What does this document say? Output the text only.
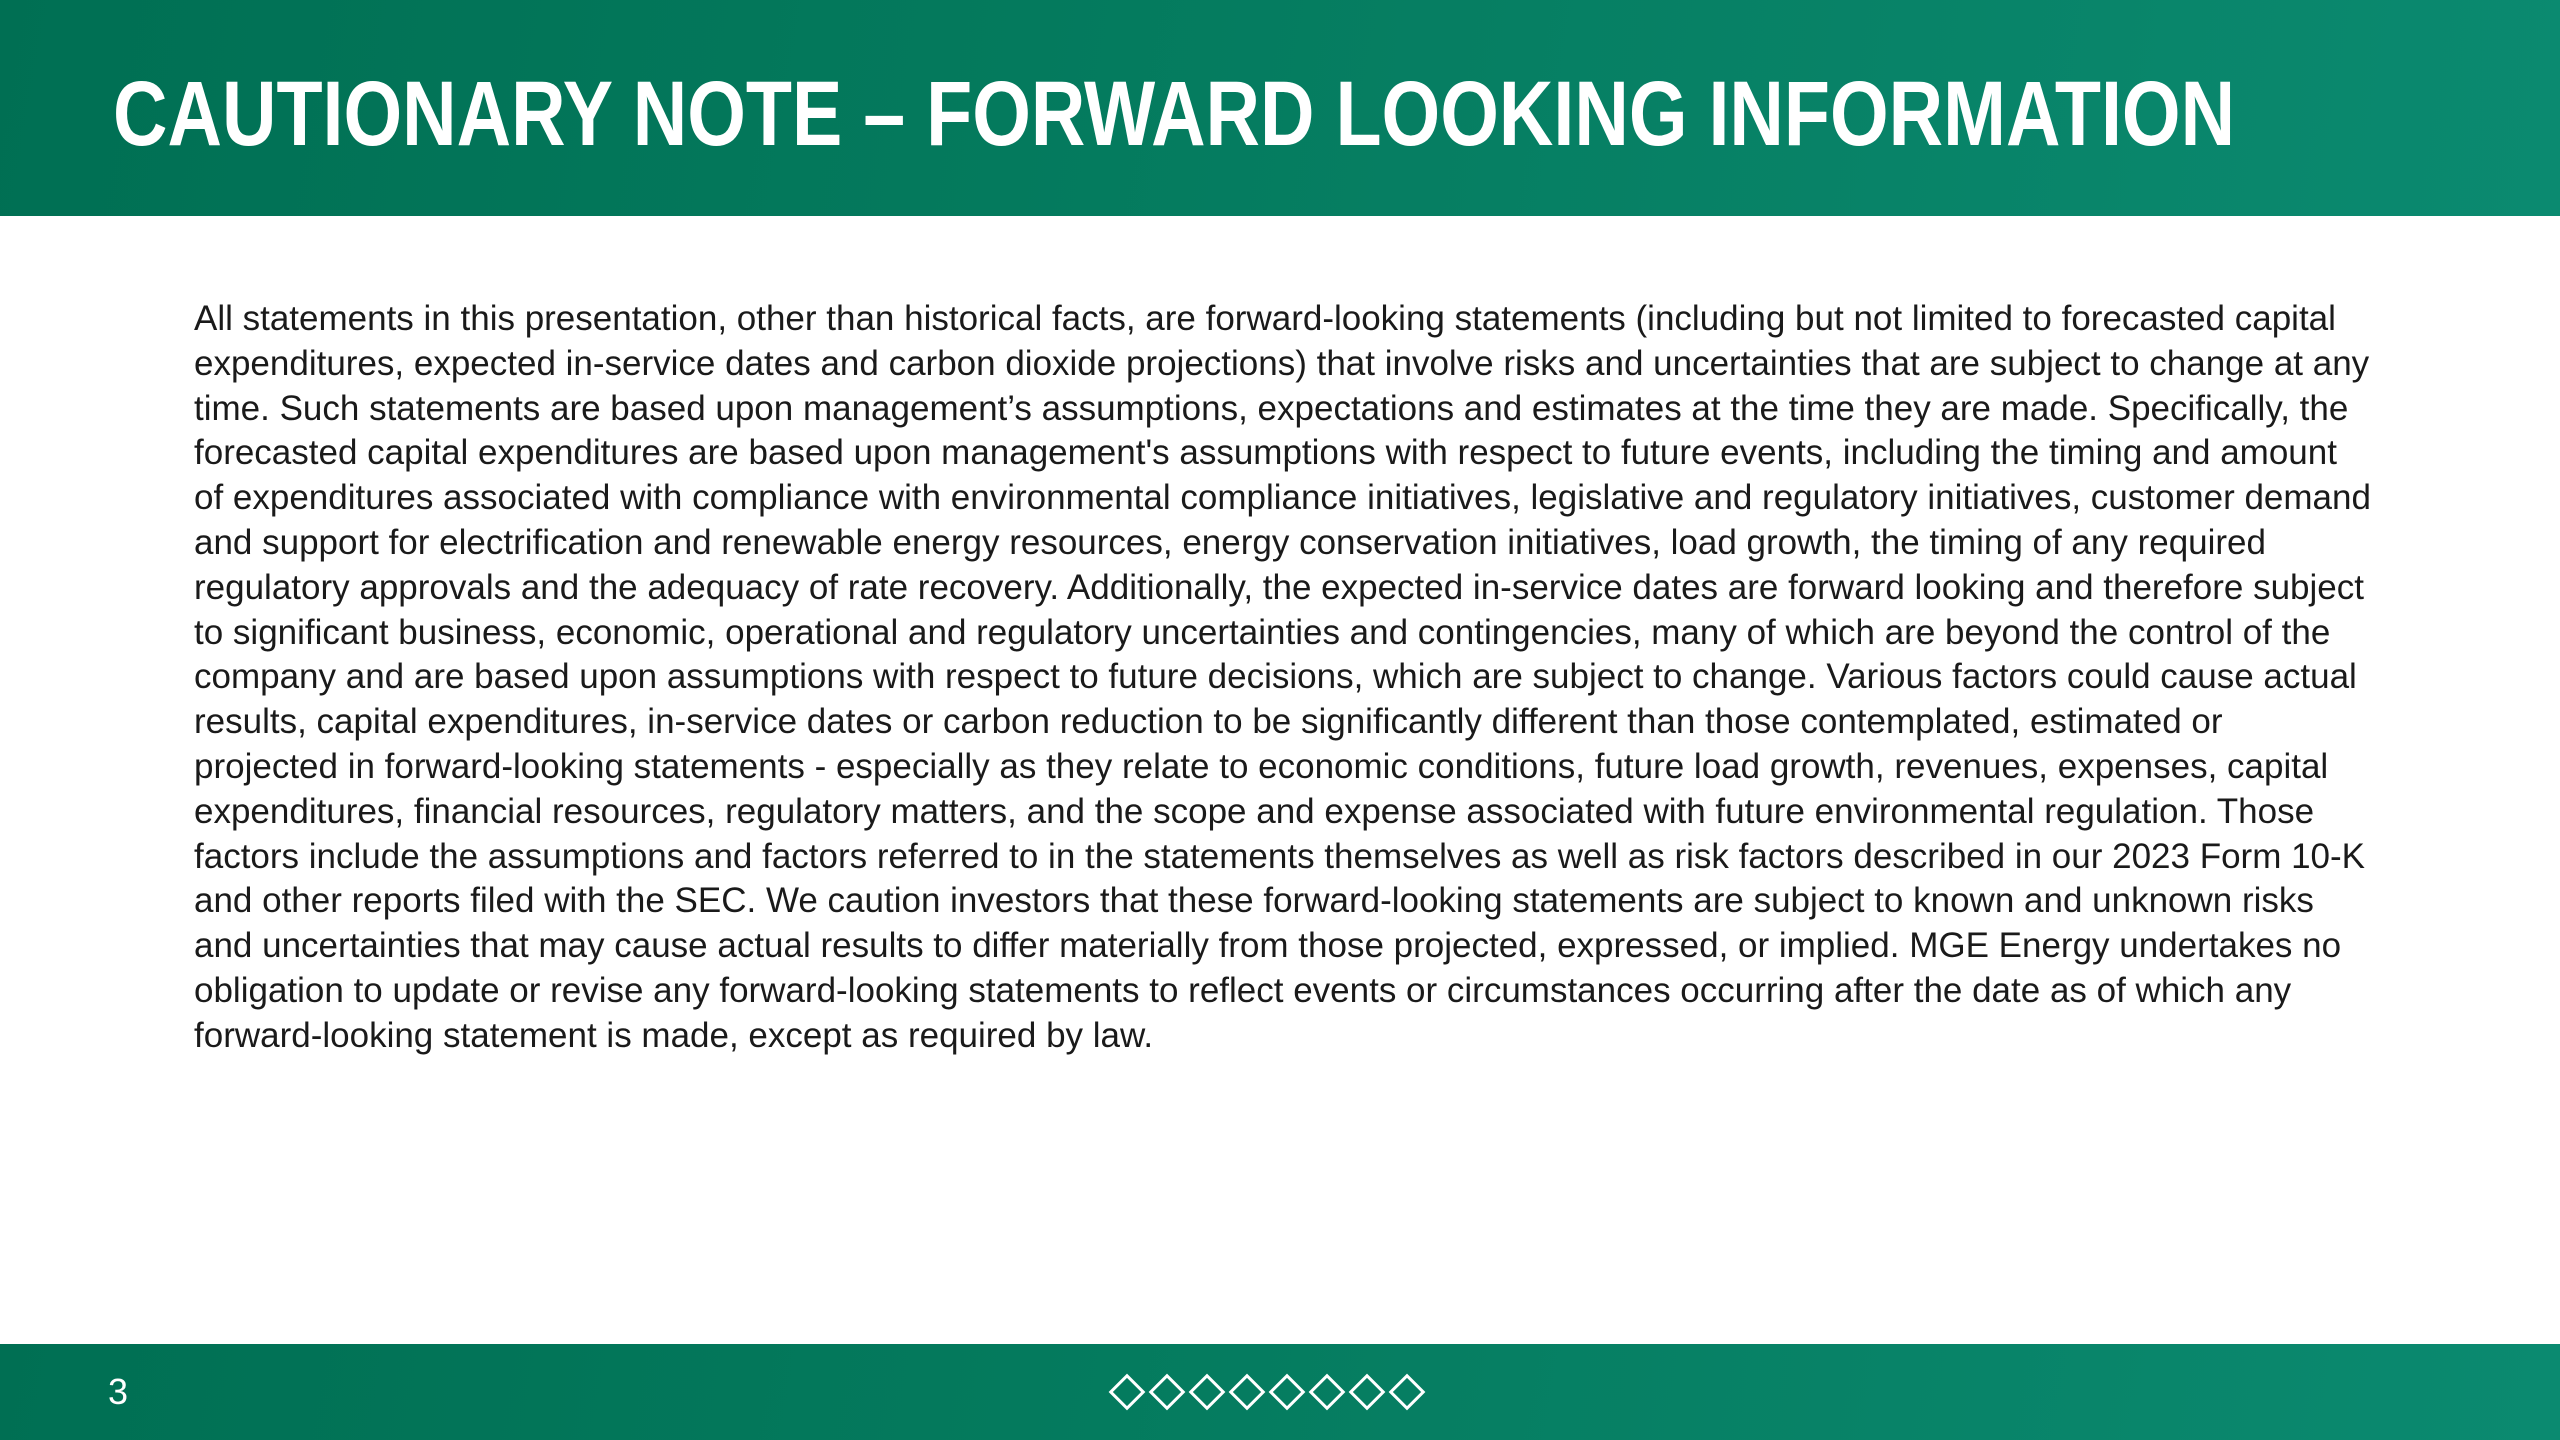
CAUTIONARY NOTE – FORWARD LOOKING INFORMATION

All statements in this presentation, other than historical facts, are forward-looking statements (including but not limited to forecasted capital expenditures, expected in-service dates and carbon dioxide projections) that involve risks and uncertainties that are subject to change at any time. Such statements are based upon management’s assumptions, expectations and estimates at the time they are made. Specifically, the forecasted capital expenditures are based upon management's assumptions with respect to future events, including the timing and amount of expenditures associated with compliance with environmental compliance initiatives, legislative and regulatory initiatives, customer demand and support for electrification and renewable energy resources, energy conservation initiatives, load growth, the timing of any required regulatory approvals and the adequacy of rate recovery. Additionally, the expected in-service dates are forward looking and therefore subject to significant business, economic, operational and regulatory uncertainties and contingencies, many of which are beyond the control of the company and are based upon assumptions with respect to future decisions, which are subject to change. Various factors could cause actual results, capital expenditures, in-service dates or carbon reduction to be significantly different than those contemplated, estimated or projected in forward-looking statements - especially as they relate to economic conditions, future load growth, revenues, expenses, capital expenditures, financial resources, regulatory matters, and the scope and expense associated with future environmental regulation. Those factors include the assumptions and factors referred to in the statements themselves as well as risk factors described in our 2023 Form 10-K and other reports filed with the SEC. We caution investors that these forward-looking statements are subject to known and unknown risks and uncertainties that may cause actual results to differ materially from those projected, expressed, or implied. MGE Energy undertakes no obligation to update or revise any forward-looking statements to reflect events or circumstances occurring after the date as of which any forward-looking statement is made, except as required by law.

3
